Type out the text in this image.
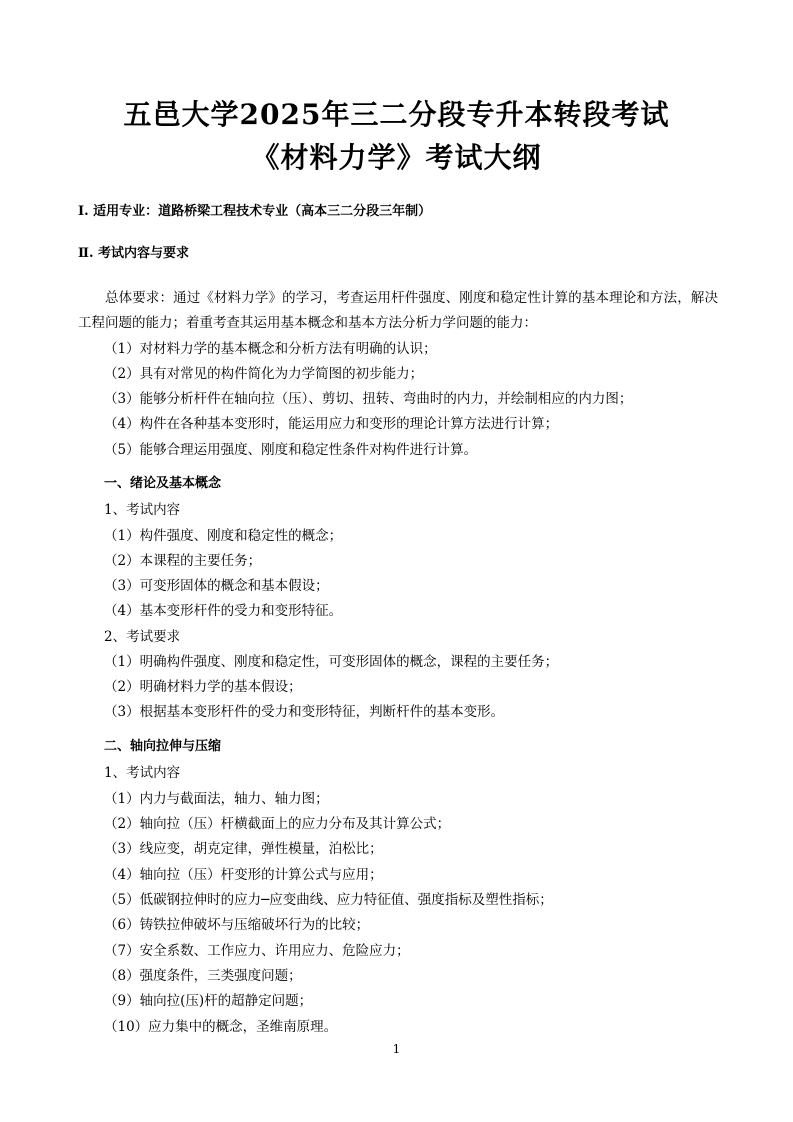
五邑大学2025年三二分段专升本转段考试
《材料力学》考试大纲
Ⅰ. 适用专业：道路桥梁工程技术专业（高本三二分段三年制）
Ⅱ. 考试内容与要求
总体要求：通过《材料力学》的学习，考查运用杆件强度、刚度和稳定性计算的基本理论和方法，解决工程问题的能力；着重考查其运用基本概念和基本方法分析力学问题的能力：
（1）对材料力学的基本概念和分析方法有明确的认识；
（2）具有对常见的构件简化为力学简图的初步能力；
（3）能够分析杆件在轴向拉（压）、剪切、扭转、弯曲时的内力，并绘制相应的内力图；
（4）构件在各种基本变形时，能运用应力和变形的理论计算方法进行计算；
（5）能够合理运用强度、刚度和稳定性条件对构件进行计算。
一、绪论及基本概念
1、考试内容
（1）构件强度、刚度和稳定性的概念；
（2）本课程的主要任务；
（3）可变形固体的概念和基本假设；
（4）基本变形杆件的受力和变形特征。
2、考试要求
（1）明确构件强度、刚度和稳定性，可变形固体的概念，课程的主要任务；
（2）明确材料力学的基本假设；
（3）根据基本变形杆件的受力和变形特征，判断杆件的基本变形。
二、轴向拉伸与压缩
1、考试内容
（1）内力与截面法，轴力、轴力图；
（2）轴向拉（压）杆横截面上的应力分布及其计算公式；
（3）线应变，胡克定律，弹性模量，泊松比；
（4）轴向拉（压）杆变形的计算公式与应用；
（5）低碳钢拉伸时的应力─应变曲线、应力特征值、强度指标及塑性指标；
（6）铸铁拉伸破坏与压缩破坏行为的比较；
（7）安全系数、工作应力、许用应力、危险应力；
（8）强度条件，三类强度问题；
（9）轴向拉(压)杆的超静定问题；
（10）应力集中的概念，圣维南原理。
1
